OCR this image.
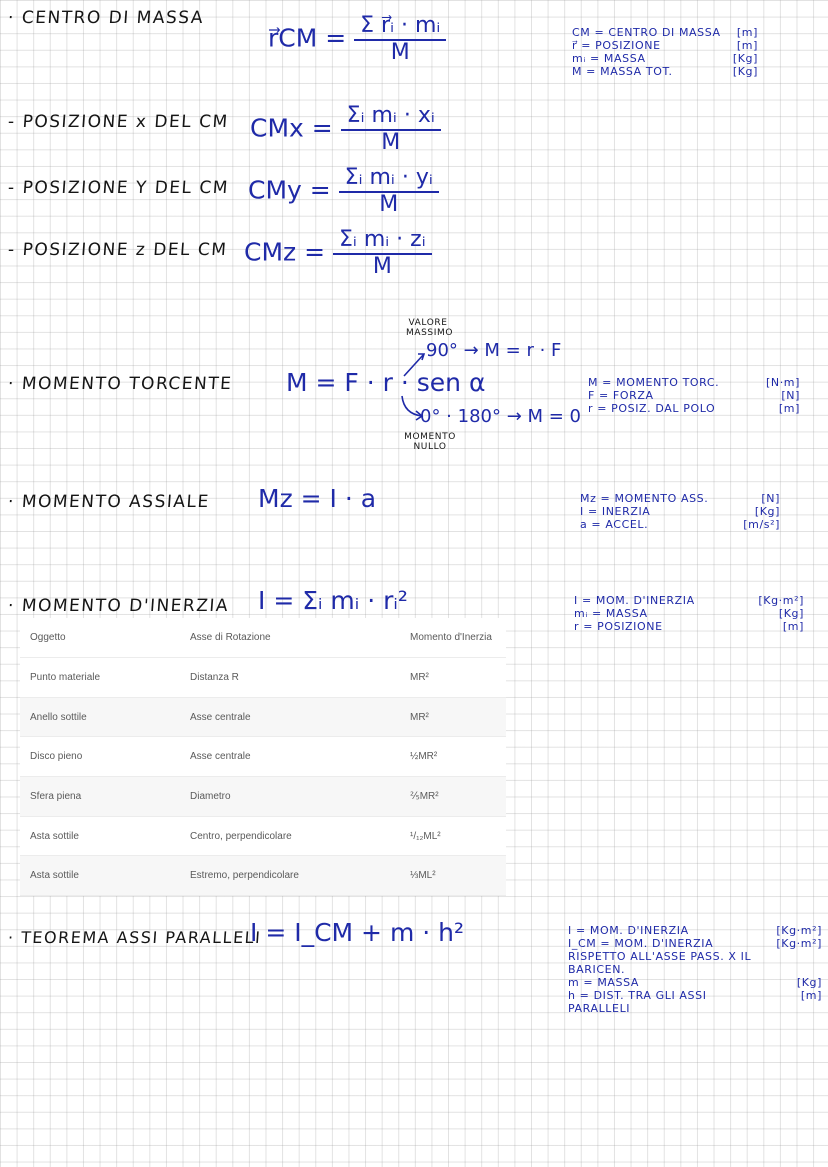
· CENTRO DI MASSA
r⃗CM = $\frac{\text{Σ r⃗ᵢ · mᵢ}}{M}$	CM = CENTRO DI MASSA [m]
r⃗ = POSIZIONE	[m]
mᵢ = MASSA	[Kg]
M = MASSA TOT.	[Kg]
- POSIZIONE x DEL CM CMx = $\frac{\text{Σᵢ mᵢ · xᵢ}}{M}$
- POSIZIONE Y DEL CM CMy = $\frac{\text{Σᵢ mᵢ · yᵢ}}{M}$
- POSIZIONE z DEL CM CMz = $\frac{\text{Σᵢ mᵢ · zᵢ}}{M}$
· MOMENTO TORCENTE M = F · r · sen α
VALORE MASSIMO
90° → M = r · F
0° · 180° → M = 0
MOMENTO NULLO
M = MOMENTO TORC.	[N·m]
F = FORZA	[N]
r = POSIZ. DAL POLO	[m]
· MOMENTO ASSIALE Mz = I · a	Mz = MOMENTO ASS.	[N]
I = INERZIA	[Kg]
a = ACCEL.	[m/s²]
· MOMENTO D'INERZIA I = Σᵢ mᵢ · rᵢ²	I = MOM. D'INERZIA	[Kg·m²]
mᵢ = MASSA	[Kg]
r = POSIZIONE	[m]
Oggetto	Asse di Rotazione	Momento d'Inerzia
Punto materiale	Distanza R	MR²
Anello sottile	Asse centrale	MR²
Disco pieno	Asse centrale	½MR²
Sfera piena	Diametro	⅖MR²
Asta sottile	Centro, perpendicolare	¹/₁₂ML²
Asta sottile	Estremo, perpendicolare	⅓ML²
· TEOREMA ASSI PARALLELI
I = I_CM + m · h²	I = MOM. D'INERZIA	[Kg·m²]
I_CM = MOM. D'INERZIA RISPETTO ALL'ASSE PASS. X IL BARICEN.
[Kg·m²]
m = MASSA	[Kg]
h = DIST. TRA GLI ASSI PARALLELI
[m]
